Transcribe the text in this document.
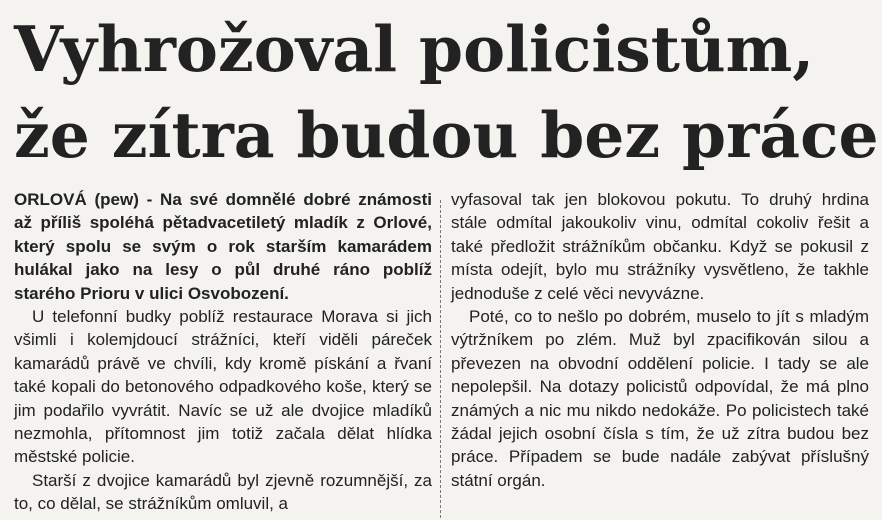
Vyhrožoval policistům,
že zítra budou bez práce

ORLOVÁ (pew) - Na své domnělé dobré známosti až příliš spoléhá pětadvacetiletý mladík z Orlové, který spolu se svým o rok starším kamarádem hulákal jako na lesy o půl druhé ráno poblíž starého Prioru v ulici Osvobození.

U telefonní budky poblíž restaurace Morava si jich všimli i kolemjdoucí strážníci, kteří viděli páreček kamarádů právě ve chvíli, kdy kromě pískání a řvaní také kopali do betonového odpadkového koše, který se jim podařilo vyvrátit. Navíc se už ale dvojice mladíků nezmohla, přítomnost jim totiž začala dělat hlídka městské policie.

Starší z dvojice kamarádů byl zjevně rozumnější, za to, co dělal, se strážníkům omluvil, a

vyfasoval tak jen blokovou pokutu. To druhý hrdina stále odmítal jakoukoliv vinu, odmítal cokoliv řešit a také předložit strážníkům občanku. Když se pokusil z místa odejít, bylo mu strážníky vysvětleno, že takhle jednoduše z celé věci nevyvázne.

Poté, co to nešlo po dobrém, muselo to jít s mladým výtržníkem po zlém. Muž byl zpacifikován silou a převezen na obvodní oddělení policie. I tady se ale nepolepšil. Na dotazy policistů odpovídal, že má plno známých a nic mu nikdo nedokáže. Po policistech také žádal jejich osobní čísla s tím, že už zítra budou bez práce. Případem se bude nadále zabývat příslušný státní orgán.
